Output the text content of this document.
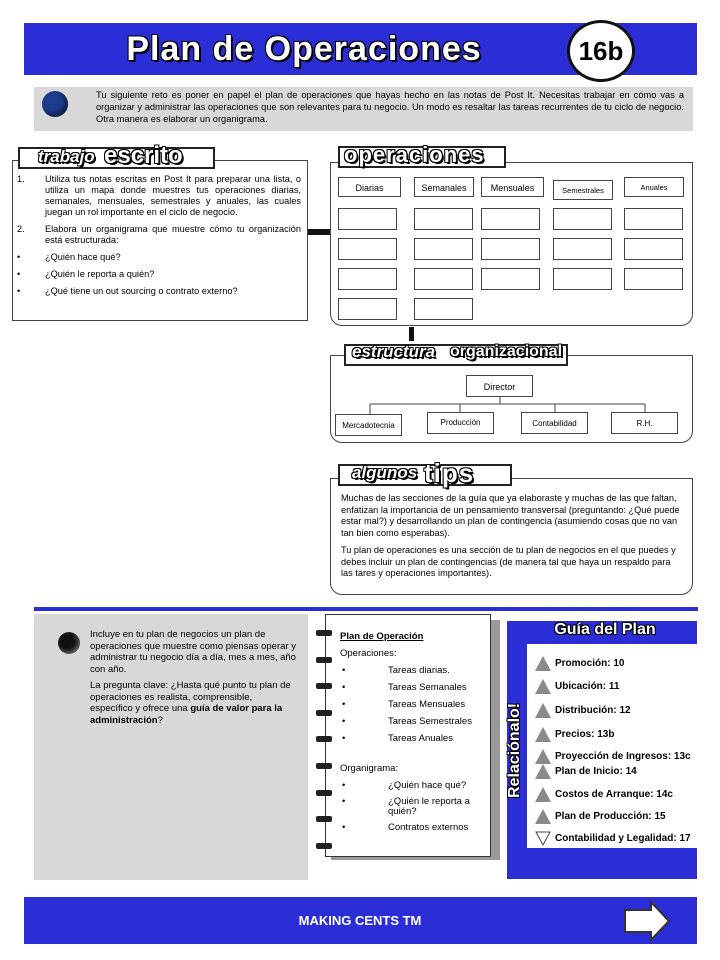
Plan de Operaciones	16b
Tu siguiente reto es poner en papel el plan de operaciones que hayas hecho en las notas de Post It. Necesitas trabajar en cómo vas a organizar y administrar las operaciones que son relevantes para tu negocio. Un modo es resaltar las tareas recurrentes de tu ciclo de negocio. Otra manera es elaborar un organigrama.
trabajo escrito
1.	Utiliza tus notas escritas en Post It para preparar una lista, o utiliza un mapa donde muestres tus operaciones diarias, semanales, mensuales, semestrales y anuales, las cuales juegan un rol importante en el ciclo de negocio.
2.	Elabora un organigrama que muestre cómo tu organización está estructurada:
•	¿Quién hace qué?
•	¿Quién le reporta a quién?
•	¿Qué tiene un out sourcing o contrato externo?
operaciones
Diarias	Semanales	Mensuales	Semestrales	Anuales
estructura organizacional
Director
Mercadotecnia	Producción	Contabilidad	R.H.
algunos tips

Muchas de las secciones de la guía que ya elaboraste y muchas de las que faltan, enfatizan la importancia de un pensamiento transversal (preguntando: ¿Qué puede estar mal?) y desarrollando un plan de contingencia (asumiendo cosas que no van tan bien como esperabas).

Tu plan de operaciones es una sección de tu plan de negocios en el que puedes y debes incluir un plan de contingencias (de manera tal que haya un respaldo para las tares y operaciones importantes).

Incluye en tu plan de negocios un plan de operaciones que muestre como piensas operar y administrar tu negocio día a día, mes a mes, año con año.

La pregunta clave: ¿Hasta qué punto tu plan de operaciones es realista, comprensible, específico y ofrece una guía de valor para la administración?

Plan de Operación
Operaciones:
•	Tareas diarias.
•	Tareas Semanales
•	Tareas Mensuales
•	Tareas Semestrales
•	Tareas Anuales
Organigrama:
•	¿Quién hace qué?
•	¿Quién le reporta a quién?
•	Contratos externos
Guía del Plan
Relaciónalo!
Promoción: 10
Ubicación: 11
Distribución: 12
Precios: 13b
Proyección de Ingresos: 13c
Plan de Inicio: 14
Costos de Arranque: 14c
Plan de Producción: 15
Contabilidad y Legalidad: 17
MAKING CENTS TM
